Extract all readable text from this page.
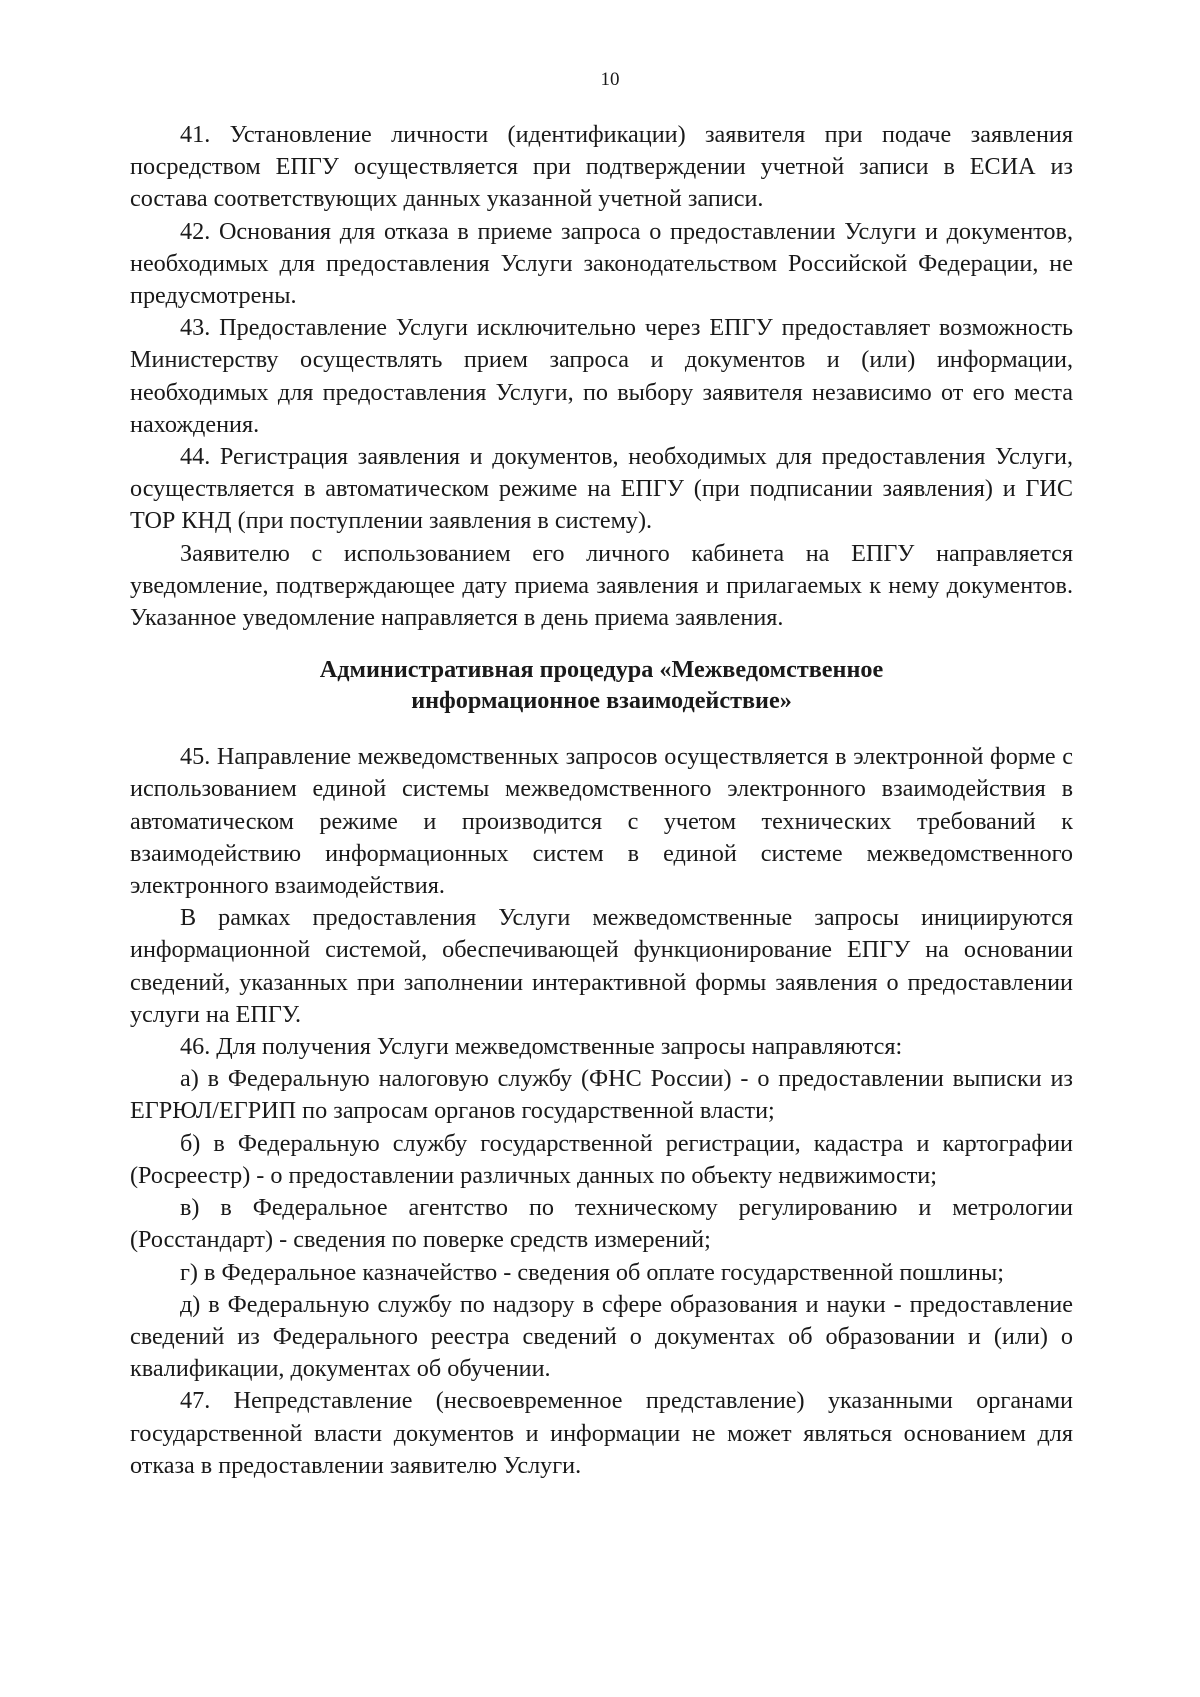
10

41. Установление личности (идентификации) заявителя при подаче заявления посредством ЕПГУ осуществляется при подтверждении учетной записи в ЕСИА из состава соответствующих данных указанной учетной записи.

42. Основания для отказа в приеме запроса о предоставлении Услуги и документов, необходимых для предоставления Услуги законодательством Российской Федерации, не предусмотрены.

43. Предоставление Услуги исключительно через ЕПГУ предоставляет возможность Министерству осуществлять прием запроса и документов и (или) информации, необходимых для предоставления Услуги, по выбору заявителя независимо от его места нахождения.

44. Регистрация заявления и документов, необходимых для предоставления Услуги, осуществляется в автоматическом режиме на ЕПГУ (при подписании заявления) и ГИС ТОР КНД (при поступлении заявления в систему).

Заявителю с использованием его личного кабинета на ЕПГУ направляется уведомление, подтверждающее дату приема заявления и прилагаемых к нему документов. Указанное уведомление направляется в день приема заявления.

Административная процедура «Межведомственное
информационное взаимодействие»

45. Направление межведомственных запросов осуществляется в электронной форме с использованием единой системы межведомственного электронного взаимодействия в автоматическом режиме и производится с учетом технических требований к взаимодействию информационных систем в единой системе межведомственного электронного взаимодействия.

В рамках предоставления Услуги межведомственные запросы инициируются информационной системой, обеспечивающей функционирование ЕПГУ на основании сведений, указанных при заполнении интерактивной формы заявления о предоставлении услуги на ЕПГУ.

46. Для получения Услуги межведомственные запросы направляются:

а) в Федеральную налоговую службу (ФНС России) - о предоставлении выписки из ЕГРЮЛ/ЕГРИП по запросам органов государственной власти;

б) в Федеральную службу государственной регистрации, кадастра и картографии (Росреестр) - о предоставлении различных данных по объекту недвижимости;

в) в Федеральное агентство по техническому регулированию и метрологии (Росстандарт) - сведения по поверке средств измерений;

г) в Федеральное казначейство - сведения об оплате государственной пошлины;

д) в Федеральную службу по надзору в сфере образования и науки - предоставление сведений из Федерального реестра сведений о документах об образовании и (или) о квалификации, документах об обучении.

47. Непредставление (несвоевременное представление) указанными органами государственной власти документов и информации не может являться основанием для отказа в предоставлении заявителю Услуги.
